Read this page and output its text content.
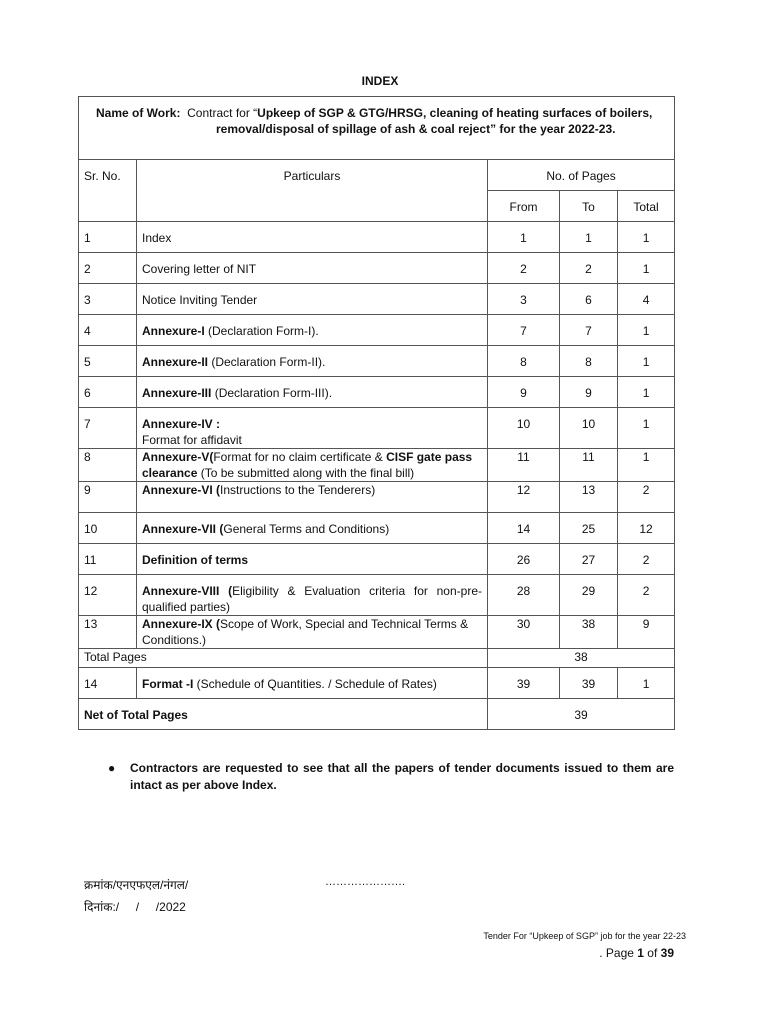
INDEX
Name of Work: Contract for “Upkeep of SGP & GTG/HRSG, cleaning of heating surfaces of boilers,
removal/disposal of spillage of ash & coal reject” for the year 2022-23.				

Sr. No.	Particulars	No. of Pages		
		From	To	Total
1	Index	1	1	1
2	Covering letter of NIT	2	2	1
3	Notice Inviting Tender	3	6	4
4	Annexure-I (Declaration Form-I).	7	7	1
5	Annexure-II (Declaration Form-II).	8	8	1
6	Annexure-III (Declaration Form-III).	9	9	1
7	Annexure-IV :
Format for affidavit	10	10	1
8	Annexure-V(Format for no claim certificate & CISF gate pass clearance (To be submitted along with the final bill)	11	11	1
9	Annexure-VI (Instructions to the Tenderers)	12	13	2
10	Annexure-VII (General Terms and Conditions)	14	25	12
11	Definition of terms	26	27	2
12	Annexure-VIII (Eligibility & Evaluation criteria for non-pre-qualified parties)	28	29	2
13	Annexure-IX (Scope of Work, Special and Technical Terms & Conditions.)	30	38	9
Total Pages		38		
14	Format -I (Schedule of Quantities. / Schedule of Rates)	39	39	1
Net of Total Pages		39		
● Contractors are requested to see that all the papers of tender documents issued to them are intact as per above Index.
क्रमांक/एनएफएल/नंगल/	………………….
दिनांक:/     /     /2022
Tender For “Upkeep of SGP” job for the year 22-23
. Page 1 of 39
